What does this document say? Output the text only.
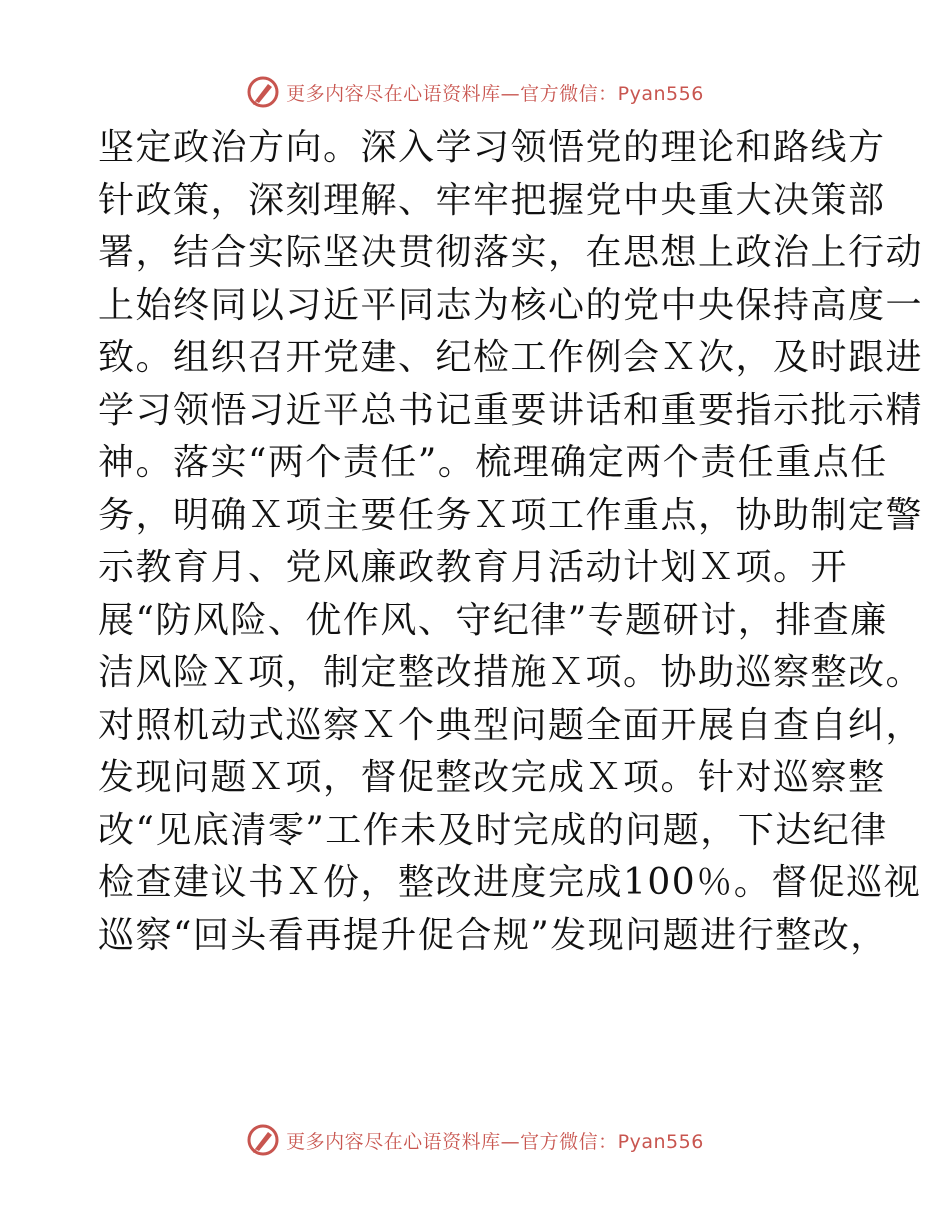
更多内容尽在心语资料库—官方微信：Pyan556
坚定政治方向。深入学习领悟党的理论和路线方
针政策，深刻理解、牢牢把握党中央重大决策部
署，结合实际坚决贯彻落实，在思想上政治上行动
上始终同以习近平同志为核心的党中央保持高度一
致。组织召开党建、纪检工作例会Ｘ次，及时跟进
学习领悟习近平总书记重要讲话和重要指示批示精
神。落实“两个责任”。梳理确定两个责任重点任
务，明确Ｘ项主要任务Ｘ项工作重点，协助制定警
示教育月、党风廉政教育月活动计划Ｘ项。开
展“防风险、优作风、守纪律”专题研讨，排查廉
洁风险Ｘ项，制定整改措施Ｘ项。协助巡察整改。
对照机动式巡察Ｘ个典型问题全面开展自查自纠，
发现问题Ｘ项，督促整改完成Ｘ项。针对巡察整
改“见底清零”工作未及时完成的问题，下达纪律
检查建议书Ｘ份，整改进度完成100％。督促巡视
巡察“回头看再提升促合规”发现问题进行整改，
更多内容尽在心语资料库—官方微信：Pyan556
